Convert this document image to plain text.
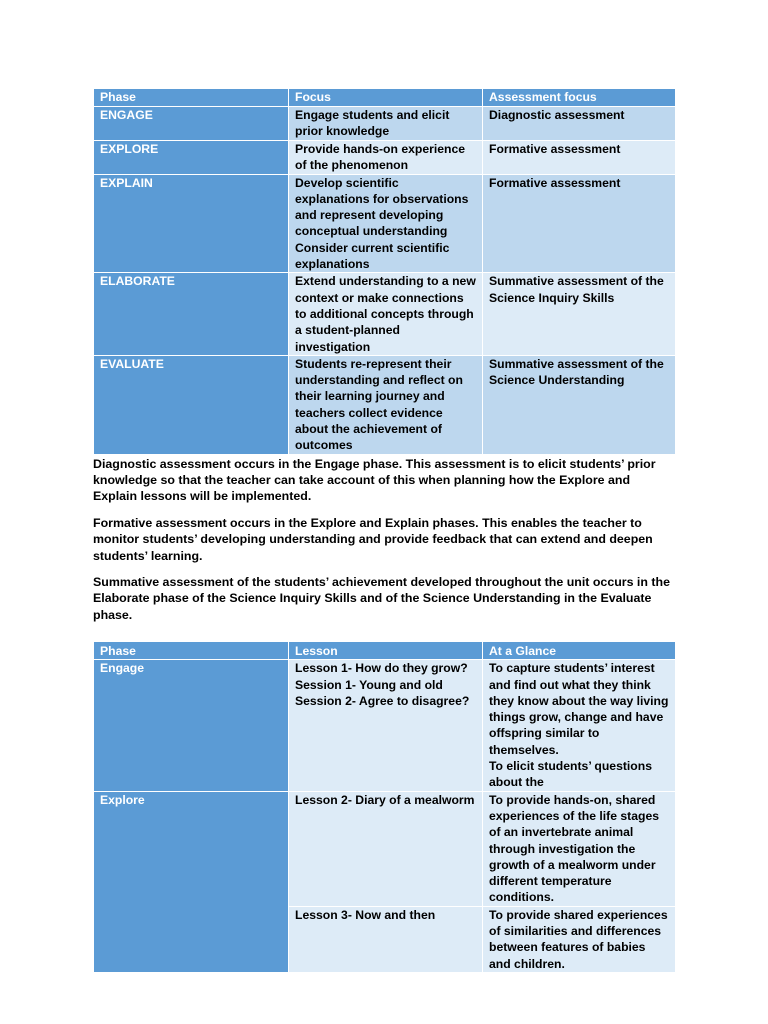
Phase	Focus	Assessment focus
ENGAGE	Engage students and elicit prior knowledge	Diagnostic assessment
EXPLORE	Provide hands-on experience of the phenomenon	Formative assessment
EXPLAIN	Develop scientific explanations for observations and represent developing conceptual understanding Consider current scientific explanations	Formative assessment
ELABORATE	Extend understanding to a new context or make connections to additional concepts through a student-planned investigation	Summative assessment of the Science Inquiry Skills
EVALUATE	Students re-represent their understanding and reflect on their learning journey and teachers collect evidence about the achievement of outcomes	Summative assessment of the Science Understanding

Diagnostic assessment occurs in the Engage phase. This assessment is to elicit students’ prior knowledge so that the teacher can take account of this when planning how the Explore and Explain lessons will be implemented.

Formative assessment occurs in the Explore and Explain phases. This enables the teacher to monitor students’ developing understanding and provide feedback that can extend and deepen students’ learning.

Summative assessment of the students’ achievement developed throughout the unit occurs in the Elaborate phase of the Science Inquiry Skills and of the Science Understanding in the Evaluate phase.

Phase	Lesson	At a Glance
Engage	Lesson 1- How do they grow?
Session 1- Young and old
Session 2- Agree to disagree?	To capture students’ interest and find out what they think they know about the way living things grow, change and have offspring similar to themselves.
To elicit students’ questions about the

Explore	Lesson 2- Diary of a mealworm	To provide hands-on, shared experiences of the life stages of an invertebrate animal through investigation the growth of a mealworm under different temperature conditions.
	Lesson 3- Now and then	To provide shared experiences of similarities and differences between features of babies and children.
